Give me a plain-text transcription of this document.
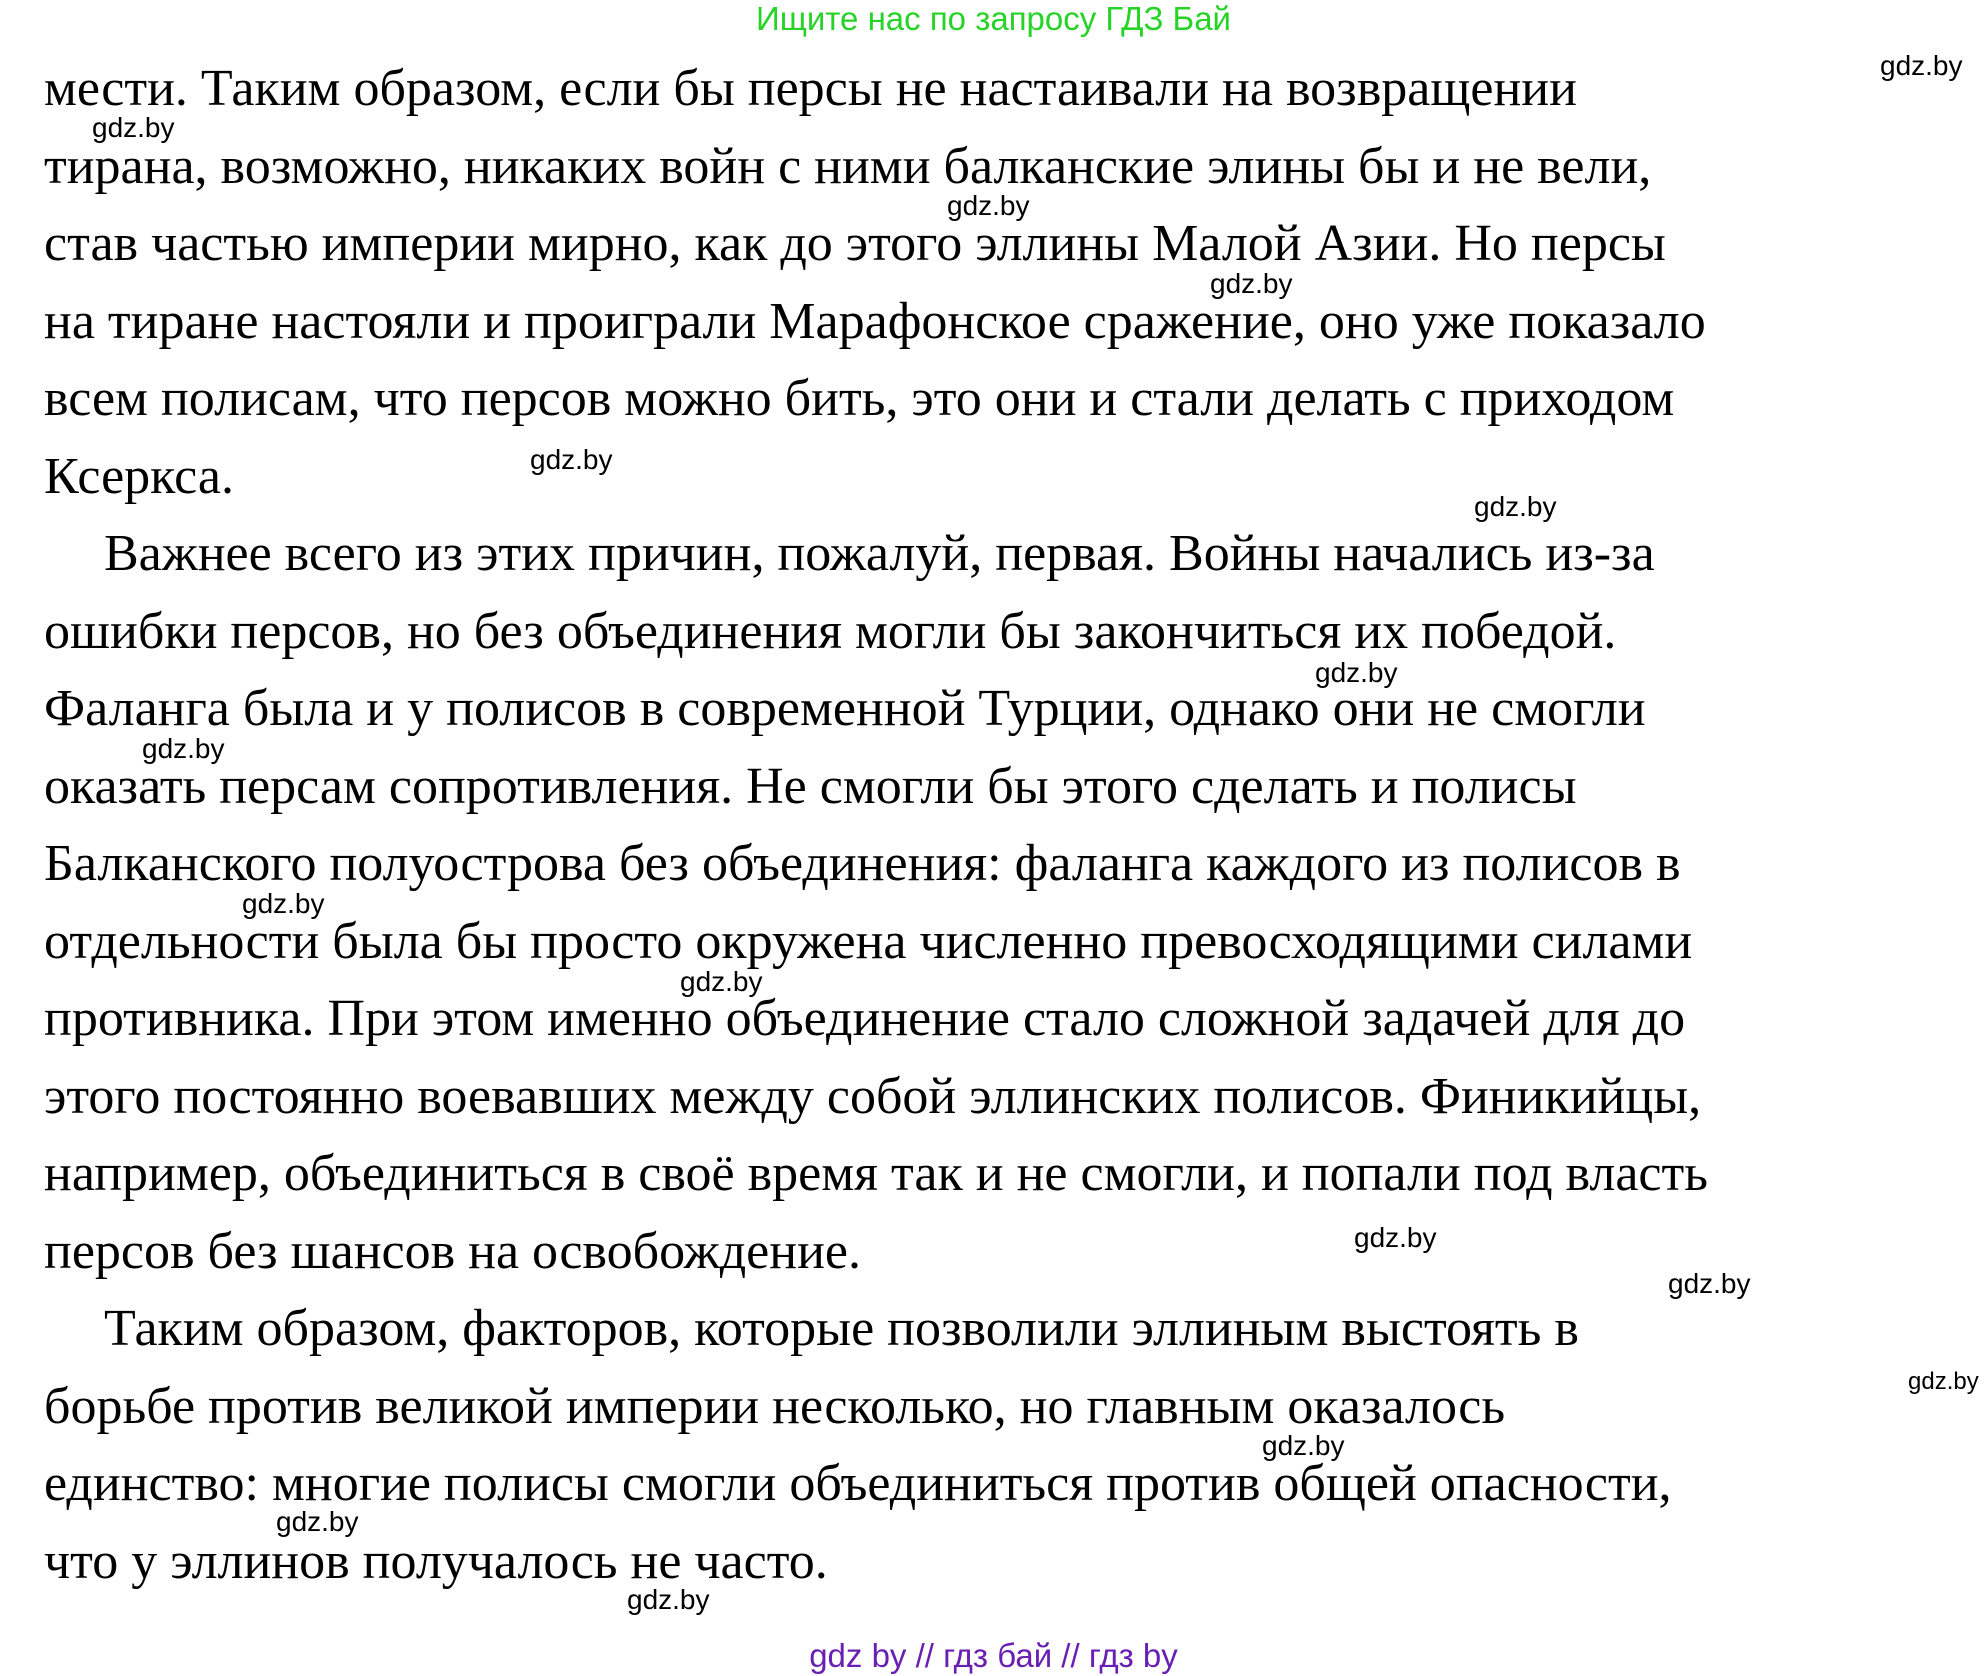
Ищите нас по запросу ГДЗ Бай
мести. Таким образом, если бы персы не настаивали на возвращении
тирана, возможно, никаких войн с ними балканские элины бы и не вели,
став частью империи мирно, как до этого эллины Малой Азии. Но персы
на тиране настояли и проиграли Марафонское сражение, оно уже показало
всем полисам, что персов можно бить, это они и стали делать с приходом
Ксеркса.
Важнее всего из этих причин, пожалуй, первая. Войны начались из-за
ошибки персов, но без объединения могли бы закончиться их победой.
Фаланга была и у полисов в современной Турции, однако они не смогли
оказать персам сопротивления. Не смогли бы этого сделать и полисы
Балканского полуострова без объединения: фаланга каждого из полисов в
отдельности была бы просто окружена численно превосходящими силами
противника. При этом именно объединение стало сложной задачей для до
этого постоянно воевавших между собой эллинских полисов. Финикийцы,
например, объединиться в своё время так и не смогли, и попали под власть
персов без шансов на освобождение.
Таким образом, факторов, которые позволили эллиным выстоять в
борьбе против великой империи несколько, но главным оказалось
единство: многие полисы смогли объединиться против общей опасности,
что у эллинов получалось не часто.
gdz.by
gdz.by
gdz.by
gdz.by
gdz.by
gdz.by
gdz.by
gdz.by
gdz.by
gdz.by
gdz.by
gdz.by
gdz.by
gdz.by
gdz.by
gdz.by
gdz by // гдз бай // гдз by
